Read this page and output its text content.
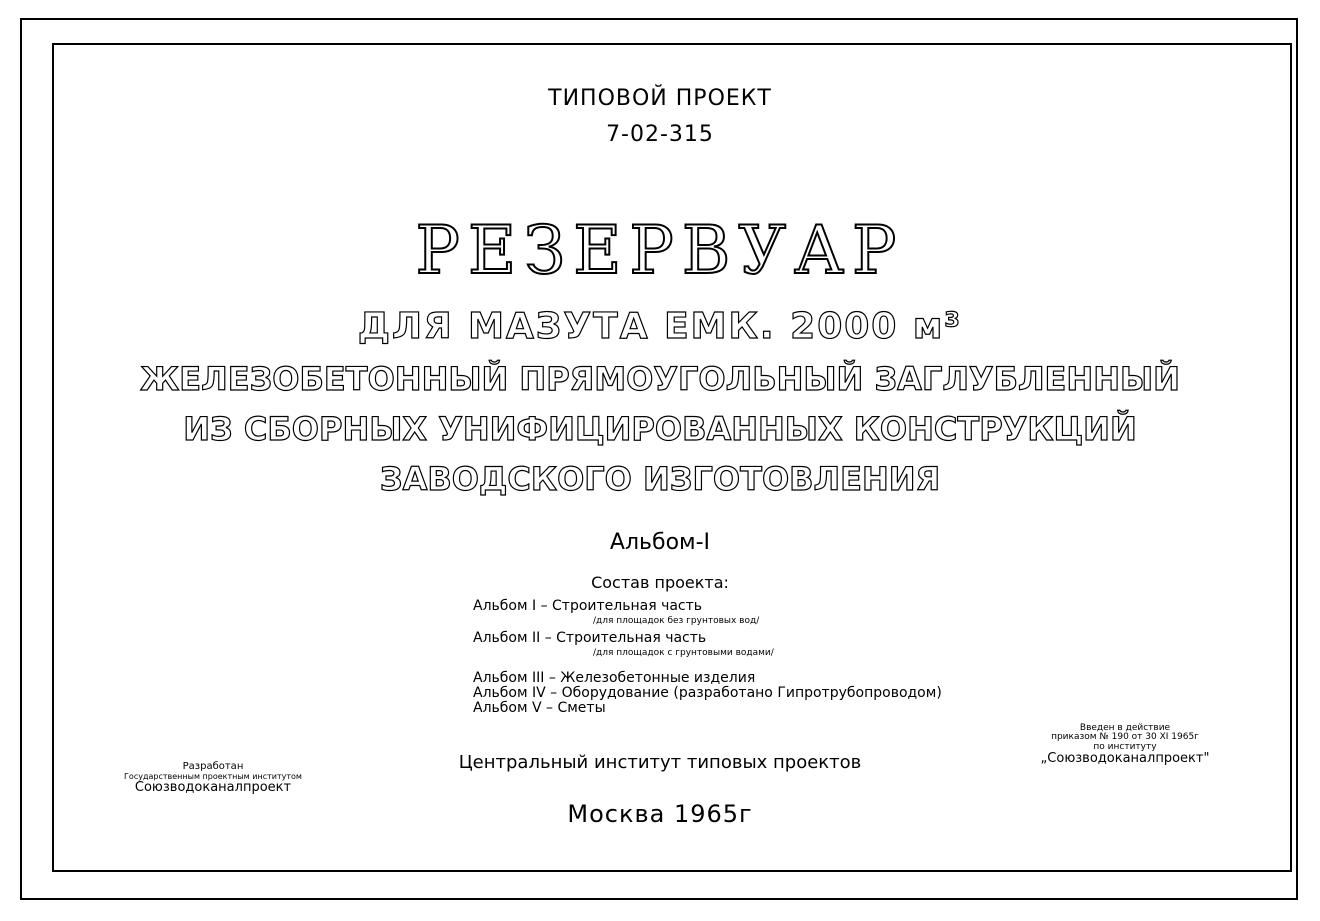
ТИПОВОЙ ПРОЕКТ
7-02-315
РЕЗЕРВУАР
ДЛЯ МАЗУТА ЕМК. 2000 м³
ЖЕЛЕЗОБЕТОННЫЙ ПРЯМОУГОЛЬНЫЙ ЗАГЛУБЛЕННЫЙ
ИЗ СБОРНЫХ УНИФИЦИРОВАННЫХ КОНСТРУКЦИЙ
ЗАВОДСКОГО ИЗГОТОВЛЕНИЯ
Альбом-I
Состав проекта:
Альбом I – Строительная часть
/для площадок без грунтовых вод/
Альбом II – Строительная часть
/для площадок с грунтовыми водами/
Альбом III – Железобетонные изделия
Альбом IV – Оборудование (разработано Гипротрубопроводом)
Альбом V – Сметы
Центральный институт типовых проектов
Москва 1965г
Разработан
Государственным проектным институтом
Союзводоканалпроект
Введен в действие
приказом № 190 от 30 XI 1965г
по институту
„Союзводоканалпроект"
